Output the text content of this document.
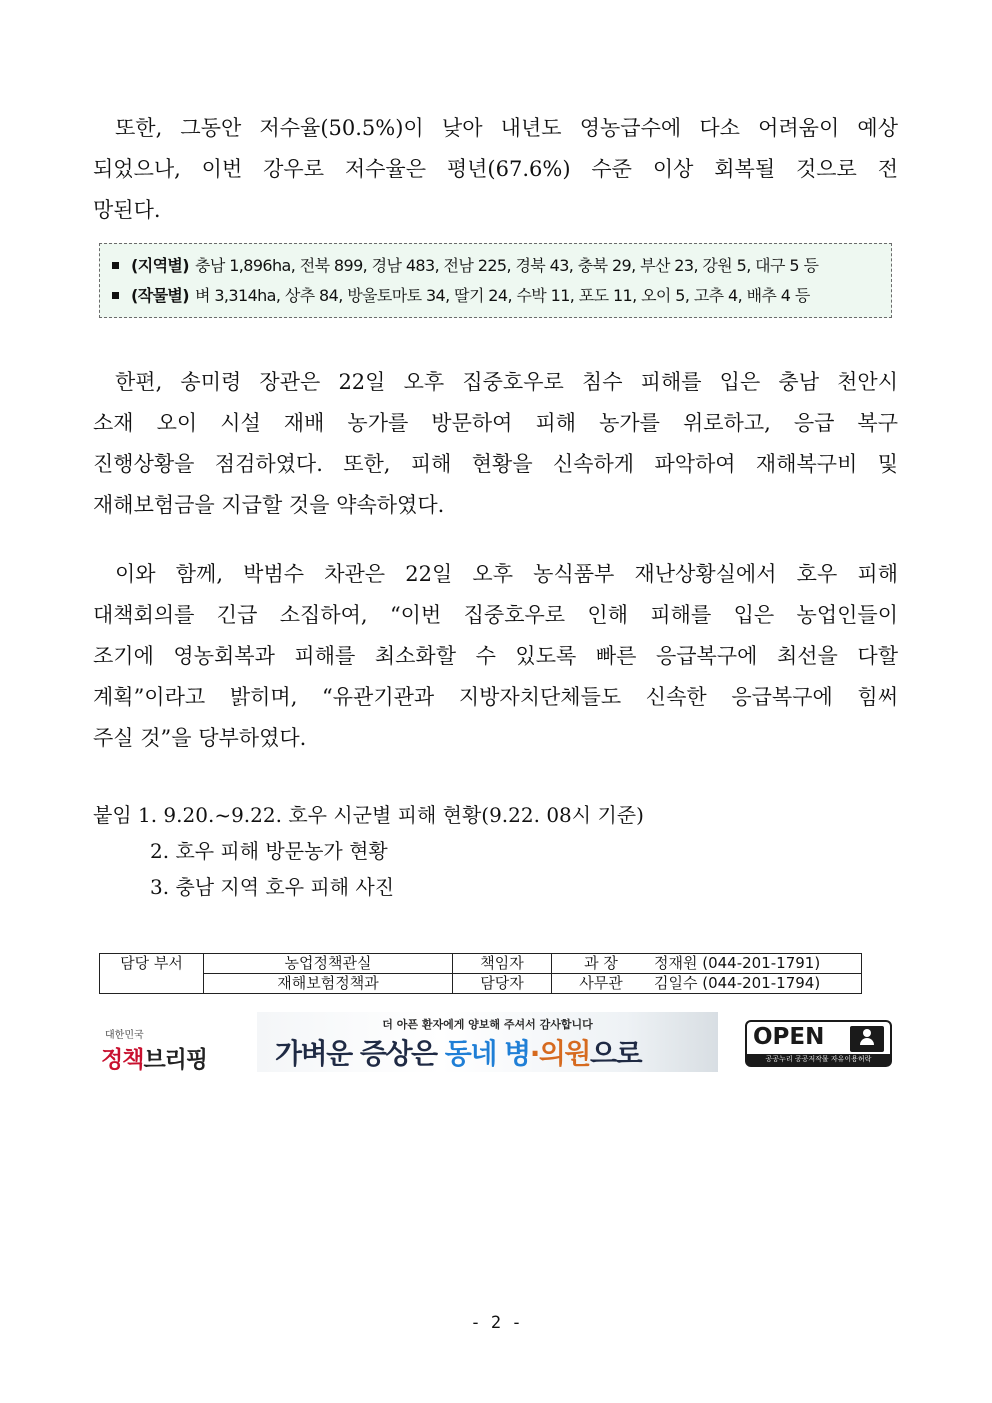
또한, 그동안 저수율(50.5%)이 낮아 내년도 영농급수에 다소 어려움이 예상
되었으나, 이번 강우로 저수율은 평년(67.6%) 수준 이상 회복될 것으로 전
망된다.
(지역별) 충남 1,896ha, 전북 899, 경남 483, 전남 225, 경북 43, 충북 29, 부산 23, 강원 5, 대구 5 등
(작물별) 벼 3,314ha, 상추 84, 방울토마토 34, 딸기 24, 수박 11, 포도 11, 오이 5, 고추 4, 배추 4 등
한편, 송미령 장관은 22일 오후 집중호우로 침수 피해를 입은 충남 천안시
소재 오이 시설 재배 농가를 방문하여 피해 농가를 위로하고, 응급 복구
진행상황을 점검하였다. 또한, 피해 현황을 신속하게 파악하여 재해복구비 및
재해보험금을 지급할 것을 약속하였다.
이와 함께, 박범수 차관은 22일 오후 농식품부 재난상황실에서 호우 피해
대책회의를 긴급 소집하여, “이번 집중호우로 인해 피해를 입은 농업인들이
조기에 영농회복과 피해를 최소화할 수 있도록 빠른 응급복구에 최선을 다할
계획”이라고 밝히며, “유관기관과 지방자치단체들도 신속한 응급복구에 힘써
주실 것”을 당부하였다.
붙임 1. 9.20.~9.22. 호우 시군별 피해 현황(9.22. 08시 기준)
2. 호우 피해 방문농가 현황
3. 충남 지역 호우 피해 사진
담당 부서	농업정책관실	책임자	과 장	정재원 (044-201-1791)
	재해보험정책과	담당자	사무관	김일수 (044-201-1794)
대한민국
정책브리핑
더 아픈 환자에게 양보해 주셔서 감사합니다
가벼운 증상은 동네 병·의원으로	OPEN
공공누리 공공저작물 자유이용허락
- 2 -
